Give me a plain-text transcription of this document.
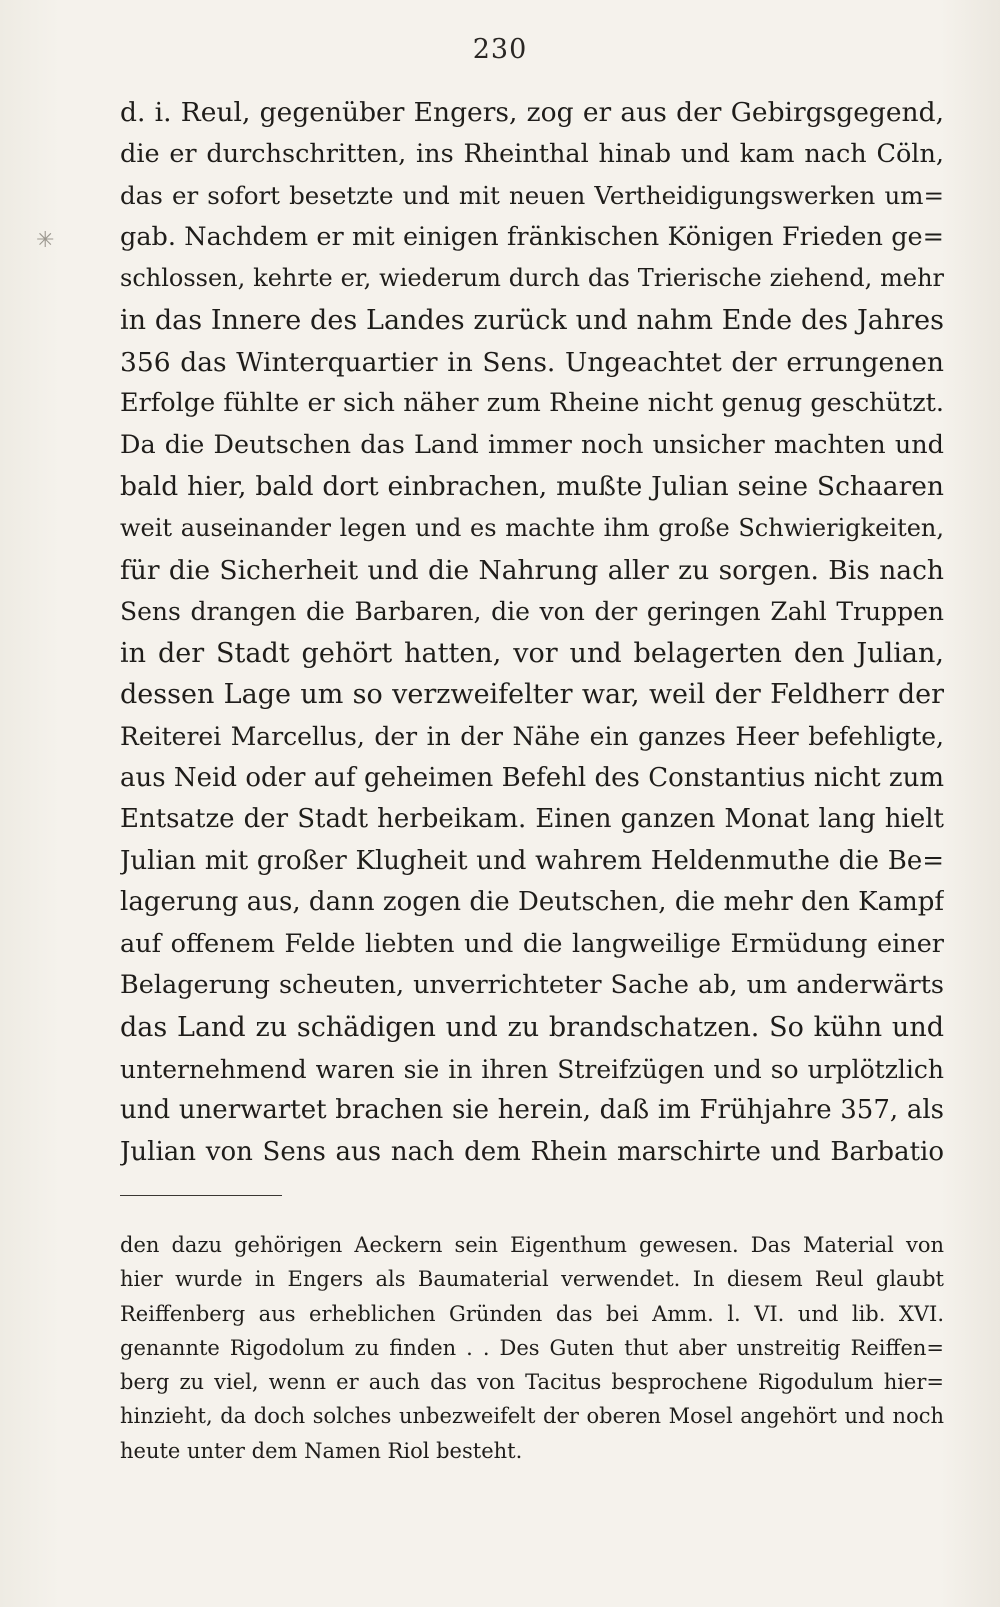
230
✳
d. i. Reul, gegenüber Engers, zog er aus der Gebirgsgegend,
die er durchschritten, ins Rheinthal hinab und kam nach Cöln,
das er sofort besetzte und mit neuen Vertheidigungswerken um=
gab. Nachdem er mit einigen fränkischen Königen Frieden ge=
schlossen, kehrte er, wiederum durch das Trierische ziehend, mehr
in das Innere des Landes zurück und nahm Ende des Jahres
356 das Winterquartier in Sens. Ungeachtet der errungenen
Erfolge fühlte er sich näher zum Rheine nicht genug geschützt.
Da die Deutschen das Land immer noch unsicher machten und
bald hier, bald dort einbrachen, mußte Julian seine Schaaren
weit auseinander legen und es machte ihm große Schwierigkeiten,
für die Sicherheit und die Nahrung aller zu sorgen. Bis nach
Sens drangen die Barbaren, die von der geringen Zahl Truppen
in der Stadt gehört hatten, vor und belagerten den Julian,
dessen Lage um so verzweifelter war, weil der Feldherr der
Reiterei Marcellus, der in der Nähe ein ganzes Heer befehligte,
aus Neid oder auf geheimen Befehl des Constantius nicht zum
Entsatze der Stadt herbeikam. Einen ganzen Monat lang hielt
Julian mit großer Klugheit und wahrem Heldenmuthe die Be=
lagerung aus, dann zogen die Deutschen, die mehr den Kampf
auf offenem Felde liebten und die langweilige Ermüdung einer
Belagerung scheuten, unverrichteter Sache ab, um anderwärts
das Land zu schädigen und zu brandschatzen. So kühn und
unternehmend waren sie in ihren Streifzügen und so urplötzlich
und unerwartet brachen sie herein, daß im Frühjahre 357, als
Julian von Sens aus nach dem Rhein marschirte und Barbatio
den dazu gehörigen Aeckern sein Eigenthum gewesen. Das Material von
hier wurde in Engers als Baumaterial verwendet. In diesem Reul glaubt
Reiffenberg aus erheblichen Gründen das bei Amm. l. VI. und lib. XVI.
genannte Rigodolum zu finden . . Des Guten thut aber unstreitig Reiffen=
berg zu viel, wenn er auch das von Tacitus besprochene Rigodulum hier=
hinzieht, da doch solches unbezweifelt der oberen Mosel angehört und noch
heute unter dem Namen Riol besteht.
